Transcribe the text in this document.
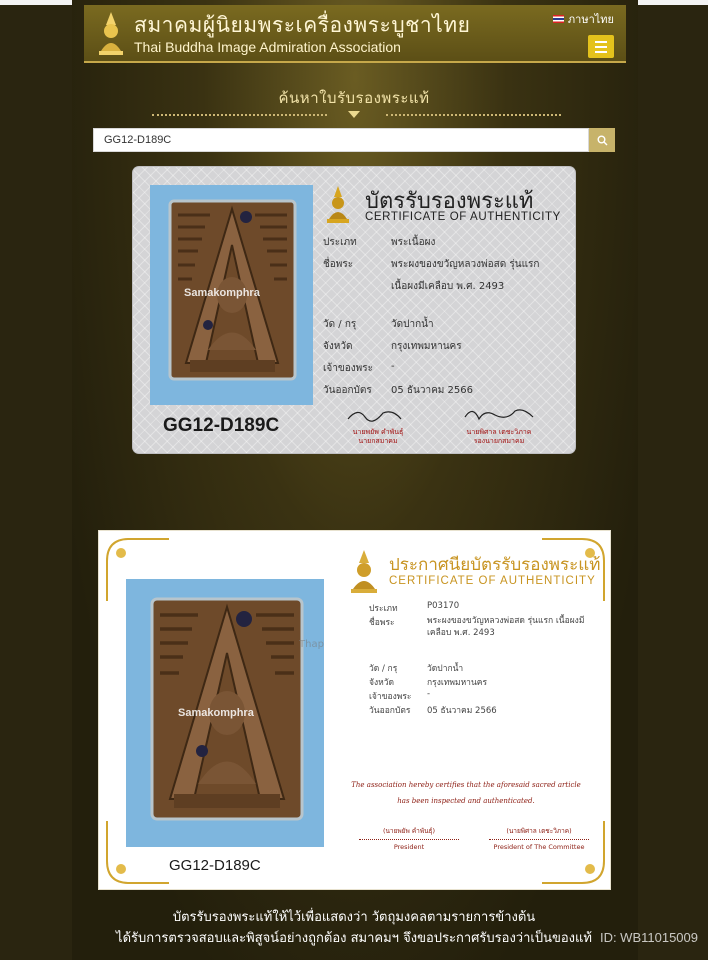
สมาคมผู้นิยมพระเครื่องพระบูชาไทย
Thai Buddha Image Admiration Association
ภาษาไทย
ค้นหาใบรับรองพระแท้
GG12-D189C
Samakomphra
GG12-D189C
บัตรรับรองพระแท้
CERTIFICATE OF AUTHENTICITY
ประเภท	พระเนื้อผง
ชื่อพระ	พระผงของขวัญหลวงพ่อสด รุ่นแรก
เนื้อผงมีเคลือบ พ.ศ. 2493
วัด / กรุ	วัดปากน้ำ
จังหวัด	กรุงเทพมหานคร
เจ้าของพระ -
วันออกบัตร 05 ธันวาคม 2566
นายพยัพ คำพันธุ์
นายกสมาคม
นายพิศาล เตชะวิภาค
รองนายกสมาคม
Samakomphra
Thap
GG12-D189C
ประกาศนียบัตรรับรองพระแท้
CERTIFICATE OF AUTHENTICITY
ประเภท	P03170
ชื่อพระ	พระผงของขวัญหลวงพ่อสด รุ่นแรก เนื้อผงมีเคลือบ พ.ศ. 2493
วัด / กรุ	วัดปากน้ำ
จังหวัด	กรุงเทพมหานคร
เจ้าของพระ -
วันออกบัตร 05 ธันวาคม 2566
The association hereby certifies that the aforesaid sacred article
has been inspected and authenticated.
(นายพยัพ คำพันธุ์)
President
(นายพิศาล เตชะวิภาค)
President of The Committee
บัตรรับรองพระแท้ให้ไว้เพื่อแสดงว่า วัตถุมงคลตามรายการข้างต้น
ได้รับการตรวจสอบและพิสูจน์อย่างถูกต้อง สมาคมฯ จึงขอประกาศรับรองว่าเป็นของแท้ ID: WB11015009
